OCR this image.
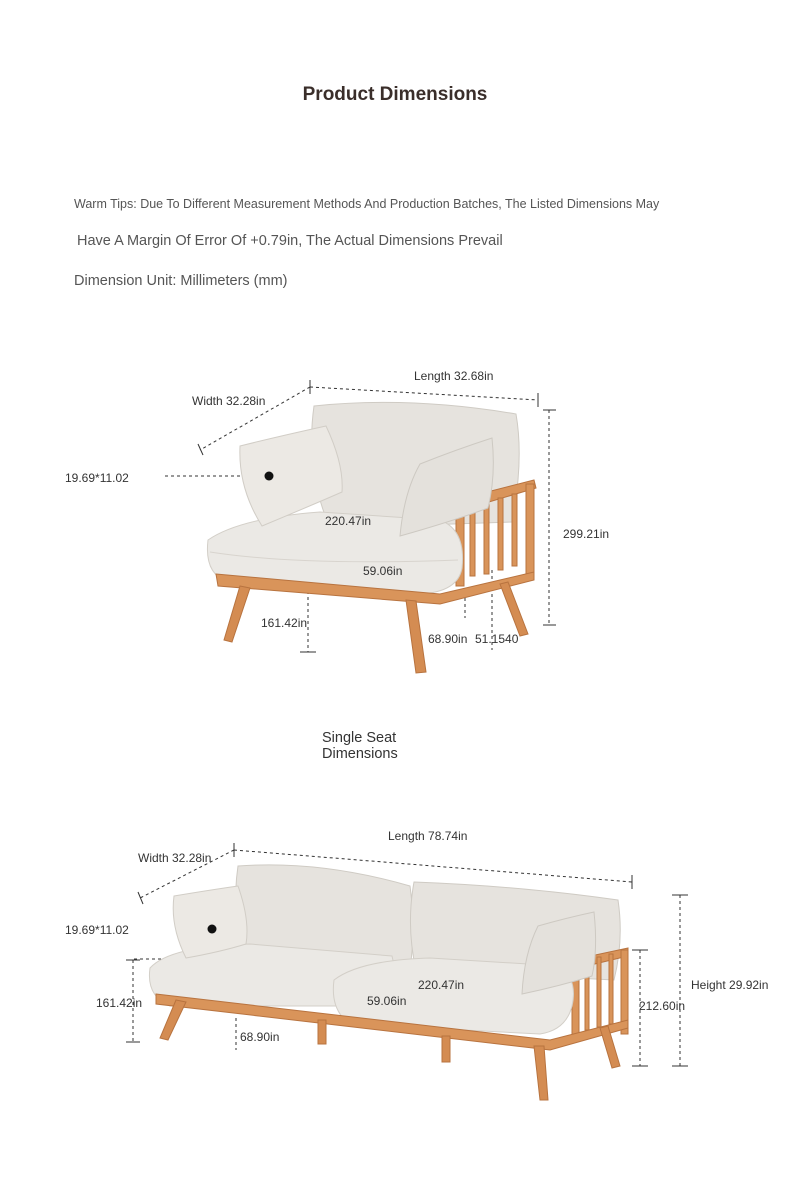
Product Dimensions
Warm Tips: Due To Different Measurement Methods And Production Batches, The Listed Dimensions May
Have A Margin Of Error Of +0.79in, The Actual Dimensions Prevail
Dimension Unit: Millimeters (mm)
Length 32.68in
Width 32.28in
19.69*11.02
220.47in
59.06in
299.21in
161.42in
68.90in 51.1540
Single Seat
Dimensions
Length 78.74in
Width 32.28in
19.69*11.02
220.47in
59.06in
161.42in
68.90in
212.60in
Height 29.92in
